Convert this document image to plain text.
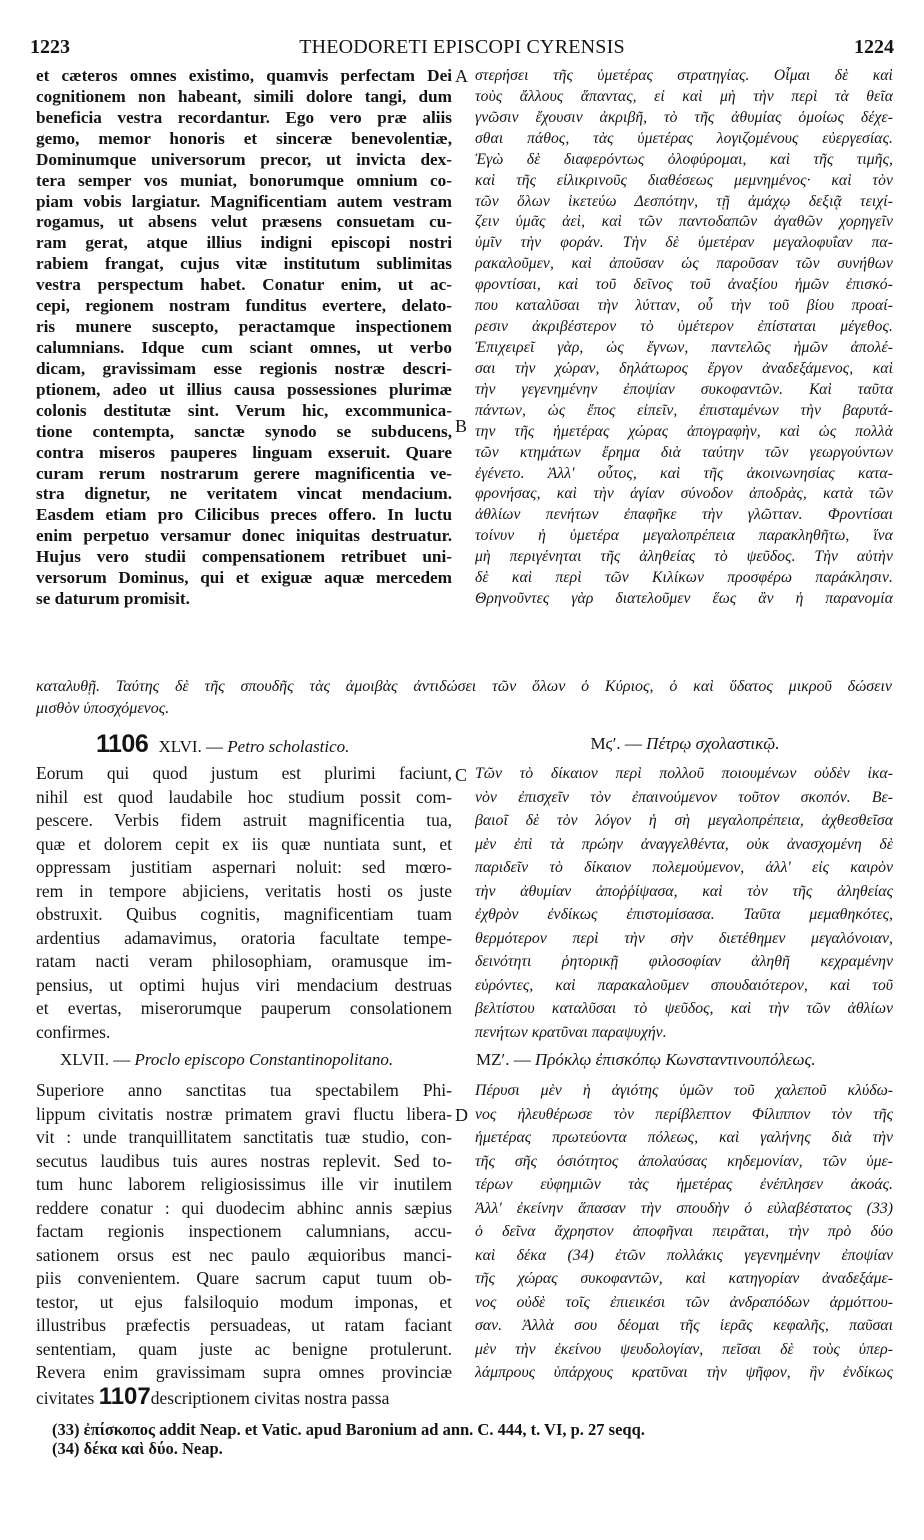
1223	THEODORETI EPISCOPI CYRENSIS	1224
A
B
C
D
et cæteros omnes existimo, quamvis perfectam Dei
cognitionem non habeant, simili dolore tangi, dum
beneficia vestra recordantur. Ego vero præ aliis
gemo, memor honoris et sinceræ benevolentiæ,
Dominumque universorum precor, ut invicta dex-
tera semper vos muniat, bonorumque omnium co-
piam vobis largiatur. Magnificentiam autem vestram
rogamus, ut absens velut præsens consuetam cu-
ram gerat, atque illius indigni episcopi nostri
rabiem frangat, cujus vitæ institutum sublimitas
vestra perspectum habet. Conatur enim, ut ac-
cepi, regionem nostram funditus evertere, delato-
ris munere suscepto, peractamque inspectionem
calumnians. Idque cum sciant omnes, ut verbo
dicam, gravissimam esse regionis nostræ descri-
ptionem, adeo ut illius causa possessiones plurimæ
colonis destitutæ sint. Verum hic, excommunica-
tione contempta, sanctæ synodo se subducens,
contra miseros pauperes linguam exseruit. Quare
curam rerum nostrarum gerere magnificentia ve-
stra dignetur, ne veritatem vincat mendacium.
Easdem etiam pro Cilicibus preces offero. In luctu
enim perpetuo versamur donec iniquitas destruatur.
Hujus vero studii compensationem retribuet uni-
versorum Dominus, qui et exiguæ aquæ mercedem
se daturum promisit.
στερήσει τῆς ὑμετέρας στρατηγίας. Οἶμαι δὲ καὶ
τοὺς ἄλλους ἅπαντας, εἰ καὶ μὴ τὴν περὶ τὰ θεῖα
γνῶσιν ἔχουσιν ἀκριβῆ, τὸ τῆς ἀθυμίας ὁμοίως δέχε-
σθαι πάθος, τὰς ὑμετέρας λογιζομένους εὐεργεσίας.
Ἐγὼ δὲ διαφερόντως ὀλοφύρομαι, καὶ τῆς τιμῆς,
καὶ τῆς εἰλικρινοῦς διαθέσεως μεμνημένος· καὶ τὸν
τῶν ὅλων ἱκετεύω Δεσπότην, τῇ ἀμάχῳ δεξιᾷ τειχί-
ζειν ὑμᾶς ἀεὶ, καὶ τῶν παντοδαπῶν ἀγαθῶν χορηγεῖν
ὑμῖν τὴν φοράν. Τὴν δὲ ὑμετέραν μεγαλοφυΐαν πα-
ρακαλοῦμεν, καὶ ἀποῦσαν ὡς παροῦσαν τῶν συνήθων
φροντίσαι, καὶ τοῦ δεῖνος τοῦ ἀναξίου ἡμῶν ἐπισκό-
που καταλῦσαι τὴν λύτταν, οὗ τὴν τοῦ βίου προαί-
ρεσιν ἀκριβέστερον τὸ ὑμέτερον ἐπίσταται μέγεθος.
Ἐπιχειρεῖ γὰρ, ὡς ἔγνων, παντελῶς ἡμῶν ἀπολέ-
σαι τὴν χώραν, δηλάτωρος ἔργον ἀναδεξάμενος, καὶ
τὴν γεγενημένην ἐποψίαν συκοφαντῶν. Καὶ ταῦτα
πάντων, ὡς ἔπος εἰπεῖν, ἐπισταμένων τὴν βαρυτά-
την τῆς ἡμετέρας χώρας ἀπογραφὴν, καὶ ὡς πολλὰ
τῶν κτημάτων ἔρημα διὰ ταύτην τῶν γεωργούντων
ἐγένετο. Ἀλλ' οὗτος, καὶ τῆς ἀκοινωνησίας κατα-
φρονήσας, καὶ τὴν ἁγίαν σύνοδον ἀποδρὰς, κατὰ τῶν
ἀθλίων πενήτων ἐπαφῆκε τὴν γλῶτταν. Φροντίσαι
τοίνυν ἡ ὑμετέρα μεγαλοπρέπεια παρακληθῆτω, ἵνα
μὴ περιγένηται τῆς ἀληθείας τὸ ψεῦδος. Τὴν αὐτὴν
δὲ καὶ περὶ τῶν Κιλίκων προσφέρω παράκλησιν.
Θρηνοῦντες γὰρ διατελοῦμεν ἕως ἂν ἡ παρανομία
καταλυθῇ. Ταύτης δὲ τῆς σπουδῆς τὰς ἀμοιβὰς ἀντιδώσει τῶν ὅλων ὁ Κύριος, ὁ καὶ ὕδατος μικροῦ δώσειν
μισθὸν ὑποσχόμενος.
1106 XLVI. — Petro scholastico.	Μϛʹ. — Πέτρῳ σχολαστικῷ.
Eorum qui quod justum est plurimi faciunt,
nihil est quod laudabile hoc studium possit com-
pescere. Verbis fidem astruit magnificentia tua,
quæ et dolorem cepit ex iis quæ nuntiata sunt, et
oppressam justitiam aspernari noluit: sed mœro-
rem in tempore abjiciens, veritatis hosti os juste
obstruxit. Quibus cognitis, magnificentiam tuam
ardentius adamavimus, oratoria facultate tempe-
ratam nacti veram philosophiam, oramusque im-
pensius, ut optimi hujus viri mendacium destruas
et evertas, miserorumque pauperum consolationem
confirmes.
Τῶν τὸ δίκαιον περὶ πολλοῦ ποιουμένων οὐδὲν ἱκα-
νὸν ἐπισχεῖν τὸν ἐπαινούμενον τοῦτον σκοπόν. Βε-
βαιοῖ δὲ τὸν λόγον ἡ σὴ μεγαλοπρέπεια, ἀχθεσθεῖσα
μὲν ἐπὶ τὰ πρώην ἀναγγελθέντα, οὐκ ἀνασχομένη δὲ
παριδεῖν τὸ δίκαιον πολεμούμενον, ἀλλ' εἰς καιρὸν
τὴν ἀθυμίαν ἀποῤῥίψασα, καὶ τὸν τῆς ἀληθείας
ἐχθρὸν ἐνδίκως ἐπιστομίσασα. Ταῦτα μεμαθηκότες,
θερμότερον περὶ τὴν σὴν διετέθημεν μεγαλόνοιαν,
δεινότητι ῥητορικῇ φιλοσοφίαν ἀληθῆ κεχραμένην
εὑρόντες, καὶ παρακαλοῦμεν σπουδαιότερον, καὶ τοῦ
βελτίστου καταλῦσαι τὸ ψεῦδος, καὶ τὴν τῶν ἀθλίων
πενήτων κρατῦναι παραψυχήν.
XLVII. — Proclo episcopo Constantinopolitano.	ΜΖʹ. — Πρόκλῳ ἐπισκόπῳ Κωνσταντινουπόλεως.
Superiore anno sanctitas tua spectabilem Phi-
lippum civitatis nostræ primatem gravi fluctu libera-
vit : unde tranquillitatem sanctitatis tuæ studio, con-
secutus laudibus tuis aures nostras replevit. Sed to-
tum hunc laborem religiosissimus ille vir inutilem
reddere conatur : qui duodecim abhinc annis sæpius
factam regionis inspectionem calumnians, accu-
sationem orsus est nec paulo æquioribus manci-
piis convenientem. Quare sacrum caput tuum ob-
testor, ut ejus falsiloquio modum imponas, et
illustribus præfectis persuadeas, ut ratam faciant
sententiam, quam juste ac benigne protulerunt.
Revera enim gravissimam supra omnes provinciæ
civitates 1107descriptionem civitas nostra passa
Πέρυσι μὲν ἡ ἁγιότης ὑμῶν τοῦ χαλεποῦ κλύδω-
νος ἠλευθέρωσε τὸν περίβλεπτον Φίλιππον τὸν τῆς
ἡμετέρας πρωτεύοντα πόλεως, καὶ γαλήνης διὰ τὴν
τῆς σῆς ὁσιότητος ἀπολαύσας κηδεμονίαν, τῶν ὑμε-
τέρων εὐφημιῶν τὰς ἡμετέρας ἐνέπλησεν ἀκοάς.
Ἀλλ' ἐκείνην ἅπασαν τὴν σπουδὴν ὁ εὐλαβέστατος (33)
ὁ δεῖνα ἄχρηστον ἀποφῆναι πειρᾶται, τὴν πρὸ δύο
καὶ δέκα (34) ἐτῶν πολλάκις γεγενημένην ἐποψίαν
τῆς χώρας συκοφαντῶν, καὶ κατηγορίαν ἀναδεξάμε-
νος οὐδὲ τοῖς ἐπιεικέσι τῶν ἀνδραπόδων ἁρμόττου-
σαν. Ἀλλὰ σου δέομαι τῆς ἱερᾶς κεφαλῆς, παῦσαι
μὲν τὴν ἐκείνου ψευδολογίαν, πεῖσαι δὲ τοὺς ὑπερ-
λάμπρους ὑπάρχους κρατῦναι τὴν ψῆφον, ἣν ἐνδίκως
(33) ἐπίσκοπος addit Neap. et Vatic. apud Baronium ad ann. C. 444, t. VI, p. 27 seqq.
(34) δέκα καὶ δύο. Neap.
